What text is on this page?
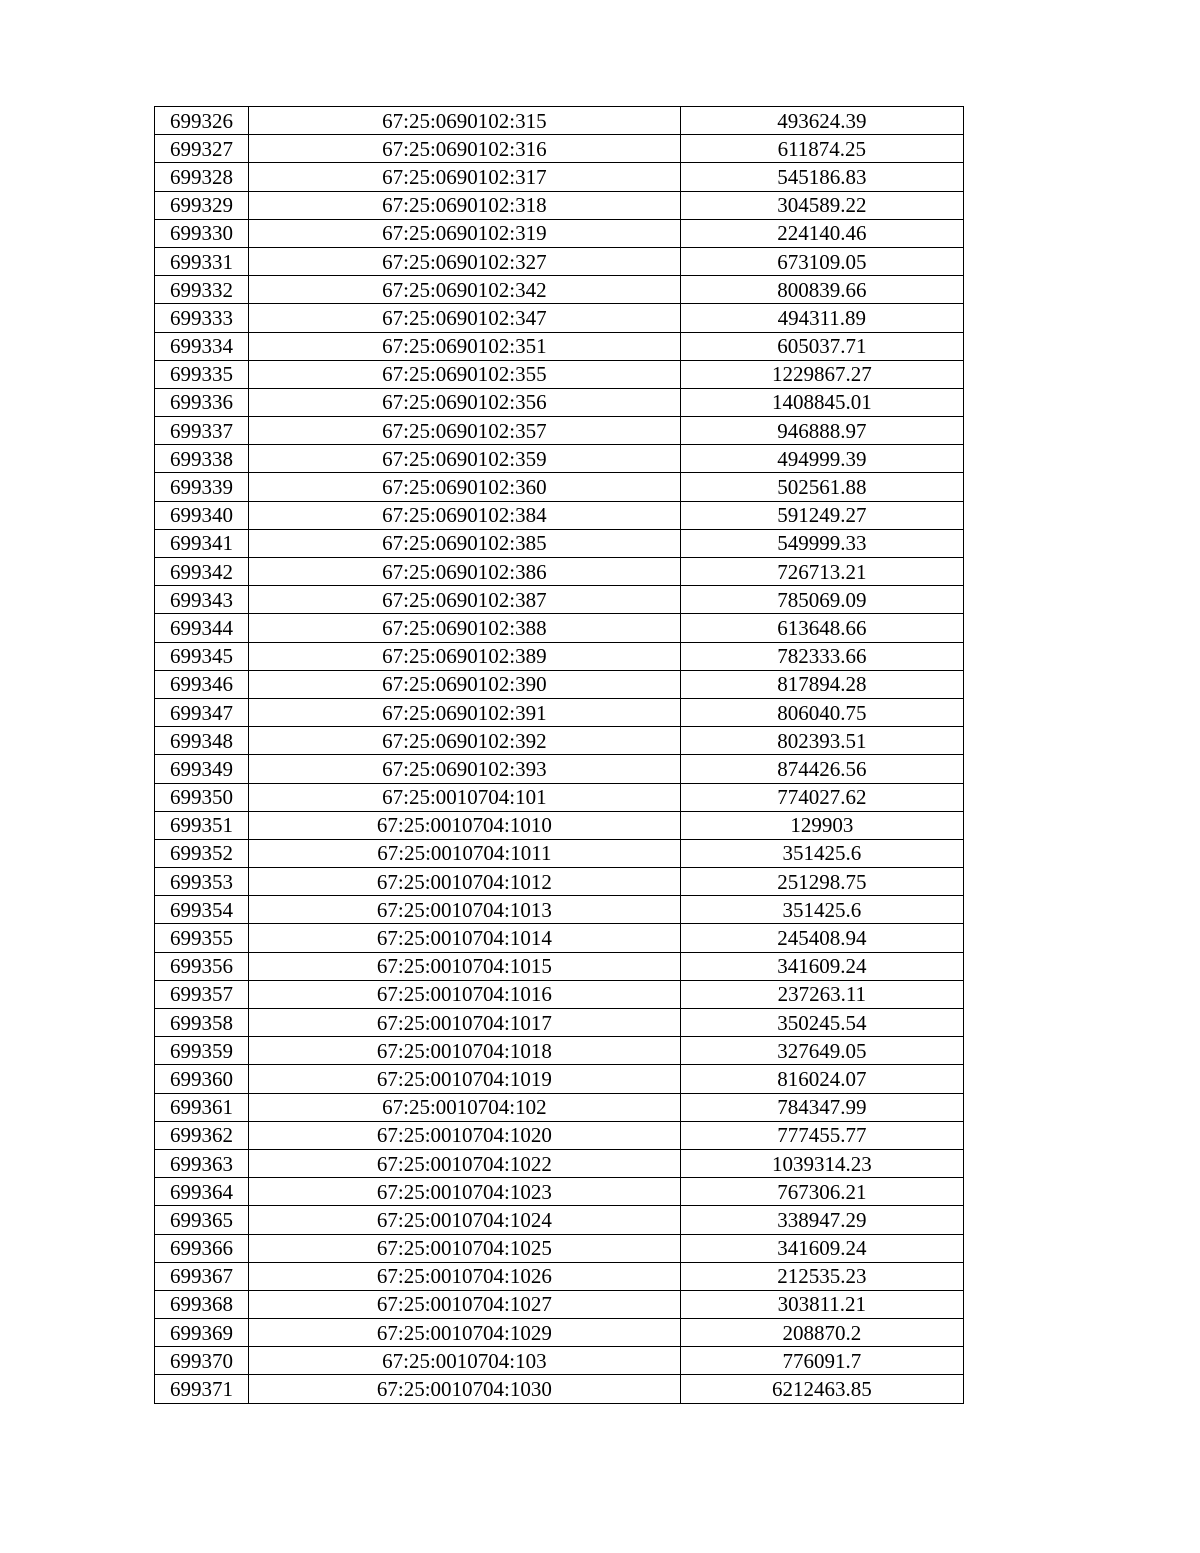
699326	67:25:0690102:315	493624.39
699327	67:25:0690102:316	611874.25
699328	67:25:0690102:317	545186.83
699329	67:25:0690102:318	304589.22
699330	67:25:0690102:319	224140.46
699331	67:25:0690102:327	673109.05
699332	67:25:0690102:342	800839.66
699333	67:25:0690102:347	494311.89
699334	67:25:0690102:351	605037.71
699335	67:25:0690102:355	1229867.27
699336	67:25:0690102:356	1408845.01
699337	67:25:0690102:357	946888.97
699338	67:25:0690102:359	494999.39
699339	67:25:0690102:360	502561.88
699340	67:25:0690102:384	591249.27
699341	67:25:0690102:385	549999.33
699342	67:25:0690102:386	726713.21
699343	67:25:0690102:387	785069.09
699344	67:25:0690102:388	613648.66
699345	67:25:0690102:389	782333.66
699346	67:25:0690102:390	817894.28
699347	67:25:0690102:391	806040.75
699348	67:25:0690102:392	802393.51
699349	67:25:0690102:393	874426.56
699350	67:25:0010704:101	774027.62
699351	67:25:0010704:1010	129903
699352	67:25:0010704:1011	351425.6
699353	67:25:0010704:1012	251298.75
699354	67:25:0010704:1013	351425.6
699355	67:25:0010704:1014	245408.94
699356	67:25:0010704:1015	341609.24
699357	67:25:0010704:1016	237263.11
699358	67:25:0010704:1017	350245.54
699359	67:25:0010704:1018	327649.05
699360	67:25:0010704:1019	816024.07
699361	67:25:0010704:102	784347.99
699362	67:25:0010704:1020	777455.77
699363	67:25:0010704:1022	1039314.23
699364	67:25:0010704:1023	767306.21
699365	67:25:0010704:1024	338947.29
699366	67:25:0010704:1025	341609.24
699367	67:25:0010704:1026	212535.23
699368	67:25:0010704:1027	303811.21
699369	67:25:0010704:1029	208870.2
699370	67:25:0010704:103	776091.7
699371	67:25:0010704:1030	6212463.85
